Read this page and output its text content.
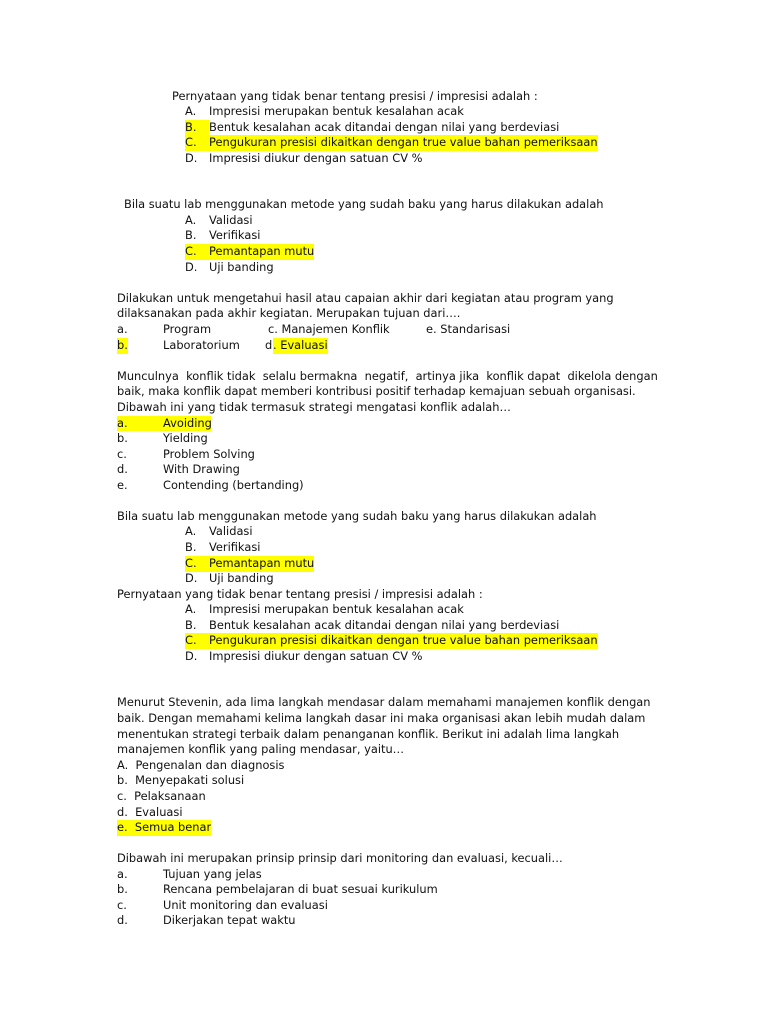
Pernyataan yang tidak benar tentang presisi / impresisi adalah :
A. Impresisi merupakan bentuk kesalahan acak
B. Bentuk kesalahan acak ditandai dengan nilai yang berdeviasi
C. Pengukuran presisi dikaitkan dengan true value bahan pemeriksaan
D. Impresisi diukur dengan satuan CV %
Bila suatu lab menggunakan metode yang sudah baku yang harus dilakukan adalah
A. Validasi
B. Verifikasi
C. Pemantapan mutu
D. Uji banding
Dilakukan untuk mengetahui hasil atau capaian akhir dari kegiatan atau program yang
dilaksanakan pada akhir kegiatan. Merupakan tujuan dari….
a.	Program	c. Manajemen Konflik	e. Standarisasi
b.	Laboratorium d . Evaluasi
Munculnya  konflik tidak  selalu bermakna  negatif,  artinya jika  konflik dapat  dikelola dengan
baik, maka konflik dapat memberi kontribusi positif terhadap kemajuan sebuah organisasi.
Dibawah ini yang tidak termasuk strategi mengatasi konflik adalah…
a.	Avoiding
b.	Yielding
c.	Problem Solving
d.	With Drawing
e.	Contending (bertanding)
Bila suatu lab menggunakan metode yang sudah baku yang harus dilakukan adalah
A. Validasi
B. Verifikasi
C. Pemantapan mutu
D. Uji banding
Pernyataan yang tidak benar tentang presisi / impresisi adalah :
A. Impresisi merupakan bentuk kesalahan acak
B. Bentuk kesalahan acak ditandai dengan nilai yang berdeviasi
C. Pengukuran presisi dikaitkan dengan true value bahan pemeriksaan
D. Impresisi diukur dengan satuan CV %
Menurut Stevenin, ada lima langkah mendasar dalam memahami manajemen konflik dengan
baik. Dengan memahami kelima langkah dasar ini maka organisasi akan lebih mudah dalam
menentukan strategi terbaik dalam penanganan konflik. Berikut ini adalah lima langkah
manajemen konflik yang paling mendasar, yaitu…
A. Pengenalan dan diagnosis
b. Menyepakati solusi
c. Pelaksanaan
d. Evaluasi
e. Semua benar
Dibawah ini merupakan prinsip prinsip dari monitoring dan evaluasi, kecuali…
a.	Tujuan yang jelas
b.	Rencana pembelajaran di buat sesuai kurikulum
c.	Unit monitoring dan evaluasi
d.	Dikerjakan tepat waktu
